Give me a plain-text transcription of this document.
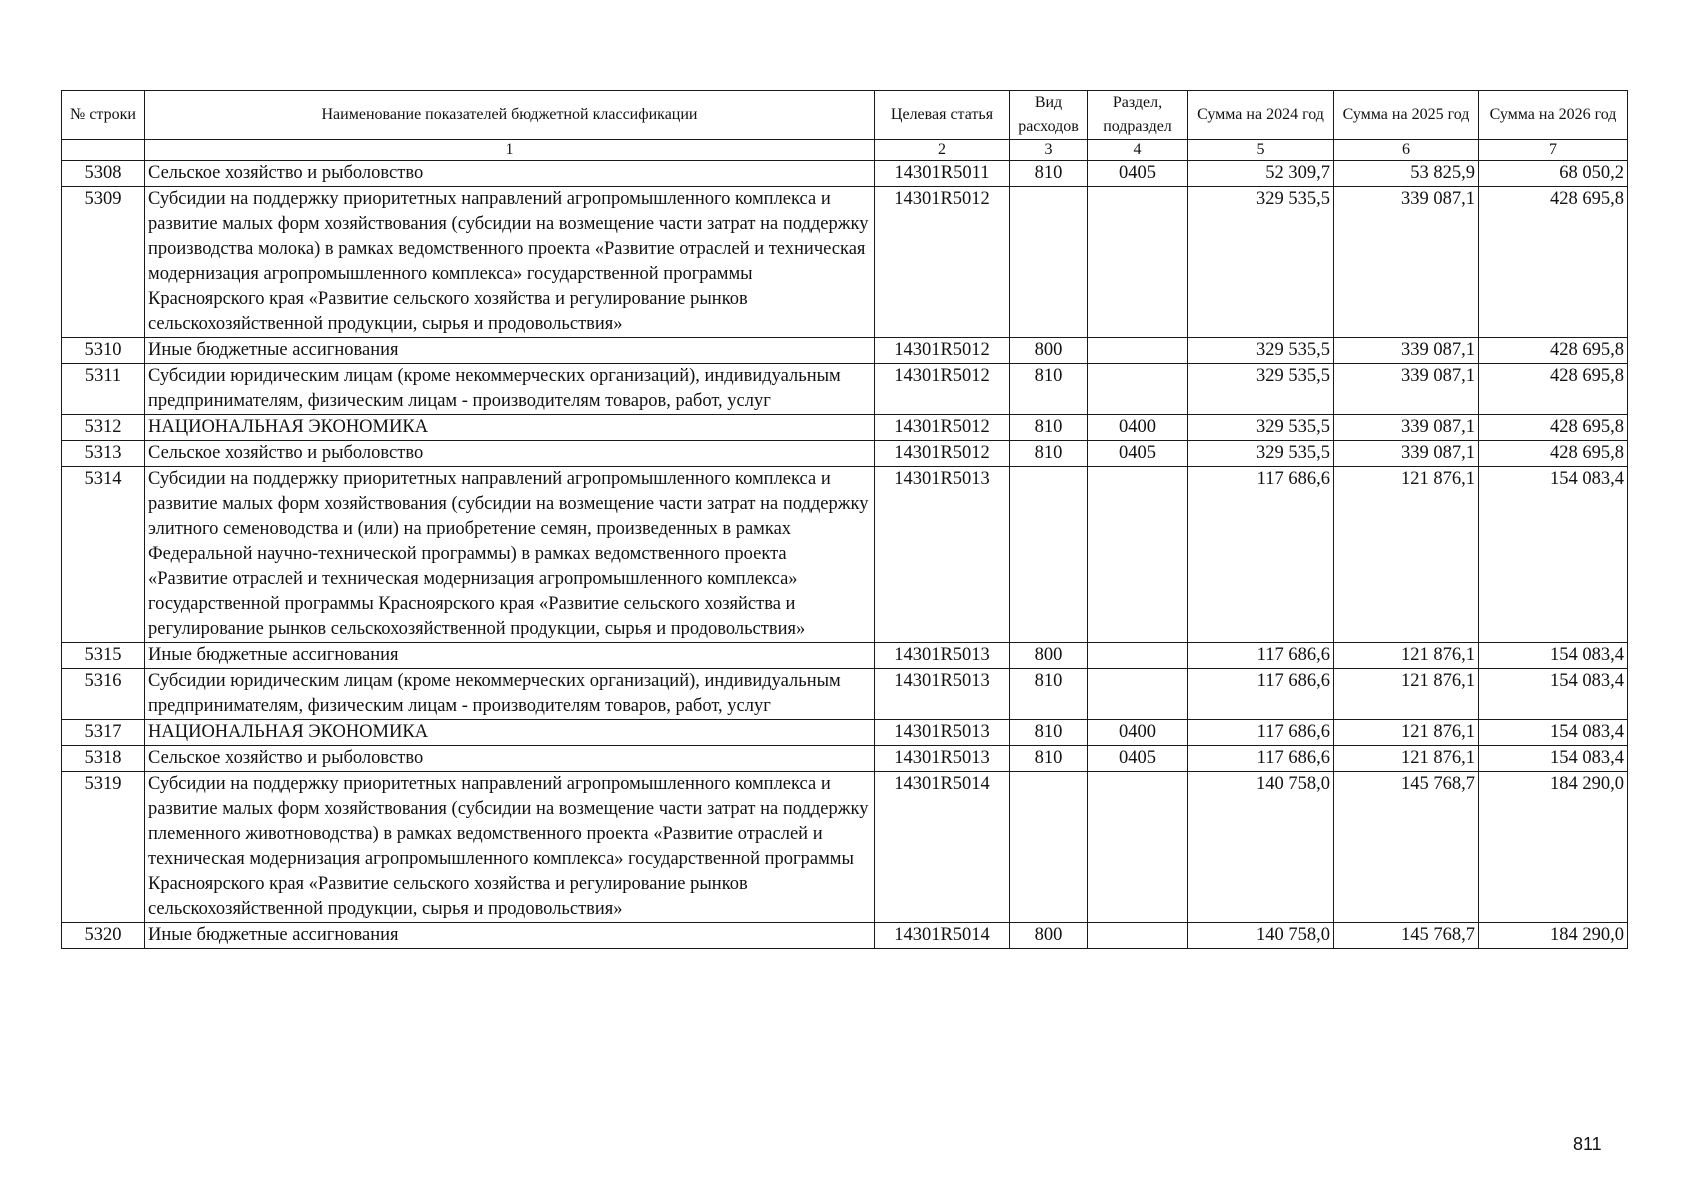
№ строки	Наименование показателей бюджетной классификации	Целевая статья	Вид расходов	Раздел, подраздел	Сумма на 2024 год	Сумма на 2025 год	Сумма на 2026 год
	1	2	3	4	5	6	7
5308	Сельское хозяйство и рыболовство	14301R5011	810	0405	52 309,7	53 825,9	68 050,2
5309	Субсидии на поддержку приоритетных направлений агропромышленного комплекса и развитие малых форм хозяйствования (субсидии на возмещение части затрат на поддержку производства молока) в рамках ведомственного проекта «Развитие отраслей и техническая модернизация агропромышленного комплекса» государственной программы Красноярского края «Развитие сельского хозяйства и регулирование рынков сельскохозяйственной продукции, сырья и продовольствия»	14301R5012			329 535,5	339 087,1	428 695,8
5310	Иные бюджетные ассигнования	14301R5012	800		329 535,5	339 087,1	428 695,8
5311	Субсидии юридическим лицам (кроме некоммерческих организаций), индивидуальным предпринимателям, физическим лицам - производителям товаров, работ, услуг	14301R5012	810		329 535,5	339 087,1	428 695,8
5312	НАЦИОНАЛЬНАЯ ЭКОНОМИКА	14301R5012	810	0400	329 535,5	339 087,1	428 695,8
5313	Сельское хозяйство и рыболовство	14301R5012	810	0405	329 535,5	339 087,1	428 695,8
5314	Субсидии на поддержку приоритетных направлений агропромышленного комплекса и развитие малых форм хозяйствования (субсидии на возмещение части затрат на поддержку элитного семеноводства и (или) на приобретение семян, произведенных в рамках Федеральной научно-технической программы) в рамках ведомственного проекта «Развитие отраслей и техническая модернизация агропромышленного комплекса» государственной программы Красноярского края «Развитие сельского хозяйства и регулирование рынков сельскохозяйственной продукции, сырья и продовольствия»	14301R5013			117 686,6	121 876,1	154 083,4
5315	Иные бюджетные ассигнования	14301R5013	800		117 686,6	121 876,1	154 083,4
5316	Субсидии юридическим лицам (кроме некоммерческих организаций), индивидуальным предпринимателям, физическим лицам - производителям товаров, работ, услуг	14301R5013	810		117 686,6	121 876,1	154 083,4
5317	НАЦИОНАЛЬНАЯ ЭКОНОМИКА	14301R5013	810	0400	117 686,6	121 876,1	154 083,4
5318	Сельское хозяйство и рыболовство	14301R5013	810	0405	117 686,6	121 876,1	154 083,4
5319	Субсидии на поддержку приоритетных направлений агропромышленного комплекса и развитие малых форм хозяйствования (субсидии на возмещение части затрат на поддержку племенного животноводства) в рамках ведомственного проекта «Развитие отраслей и техническая модернизация агропромышленного комплекса» государственной программы Красноярского края «Развитие сельского хозяйства и регулирование рынков сельскохозяйственной продукции, сырья и продовольствия»	14301R5014			140 758,0	145 768,7	184 290,0
5320	Иные бюджетные ассигнования	14301R5014	800		140 758,0	145 768,7	184 290,0
811
